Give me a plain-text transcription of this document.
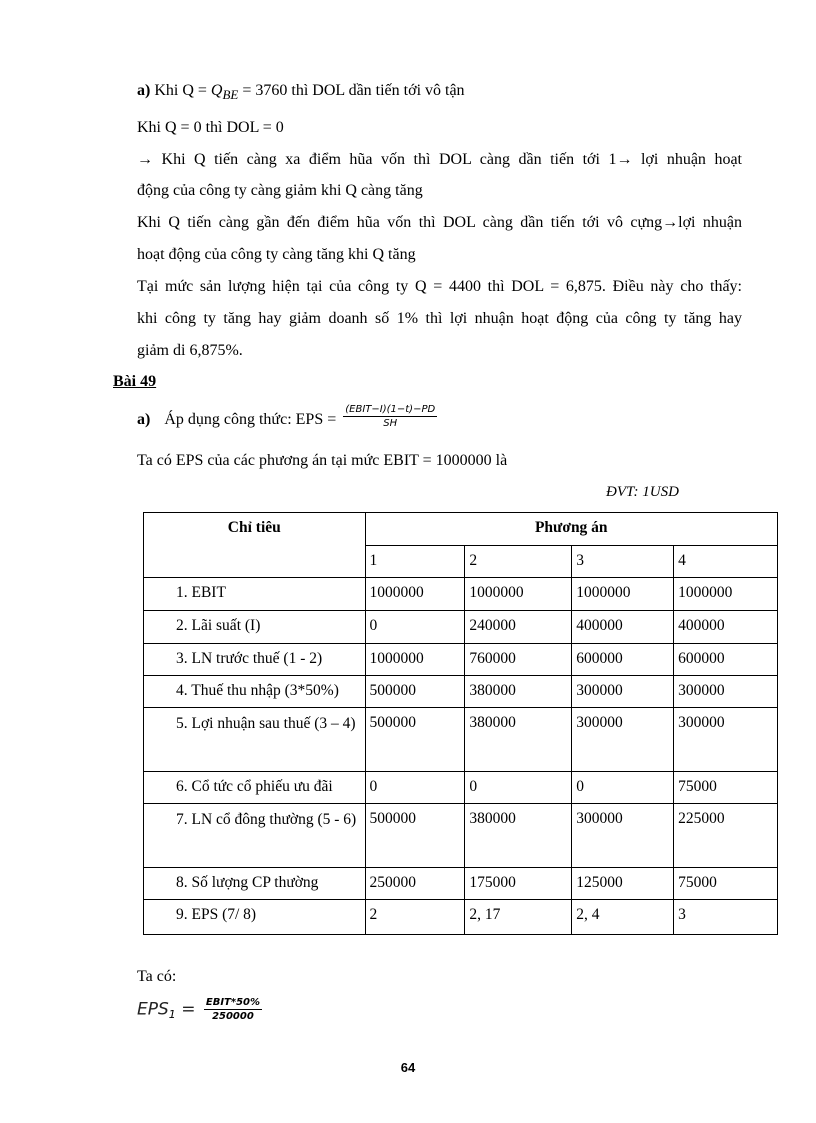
a) Khi $Q = Q_{BE} = 3760$ thì DOL dần tiến tới vô tận
Khi Q = 0 thì DOL = 0
→ Khi Q tiến càng xa điểm hũa vốn thì DOL càng dần tiến tới 1→ lợi nhuận hoạt
động của công ty càng giảm khi Q càng tăng
Khi Q tiến càng gần đến điểm hũa vốn thì DOL càng dần tiến tới vô cựng→lợi nhuận
hoạt động của công ty càng tăng khi Q tăng
Tại mức sản lượng hiện tại của công ty Q = 4400 thì DOL = 6,875. Điều này cho thấy:
khi công ty tăng hay giảm doanh số 1% thì lợi nhuận hoạt động của công ty tăng hay
giảm di 6,875%.
Bài 49
a) Áp dụng công thức: EPS = $\frac{\text{(EBIT−I)(1−t)−PD}}{SH}$
Ta có EPS của các phương án tại mức EBIT = 1000000 là
ĐVT: 1USD
Chỉ tiêu	Phương án			
	1	2	3	4
1. EBIT	1000000	1000000	1000000	1000000
2. Lãi suất (I)	0	240000	400000	400000
3. LN trước thuế (1 - 2)	1000000	760000	600000	600000
4. Thuế thu nhập (3*50%)	500000	380000	300000	300000
5. Lợi nhuận sau thuế (3 – 4)	500000	380000	300000	300000
6. Cổ tức cổ phiếu ưu đãi	0	0	0	75000
7. LN cổ đông thường (5 - 6)	500000	380000	300000	225000
8. Số lượng CP thường	250000	175000	125000	75000
9. EPS (7/ 8)	2	2, 17	2, 4	3
Ta có:
$EPS_1 = \frac{\text{EBIT*50\%}}{250000}$
64
